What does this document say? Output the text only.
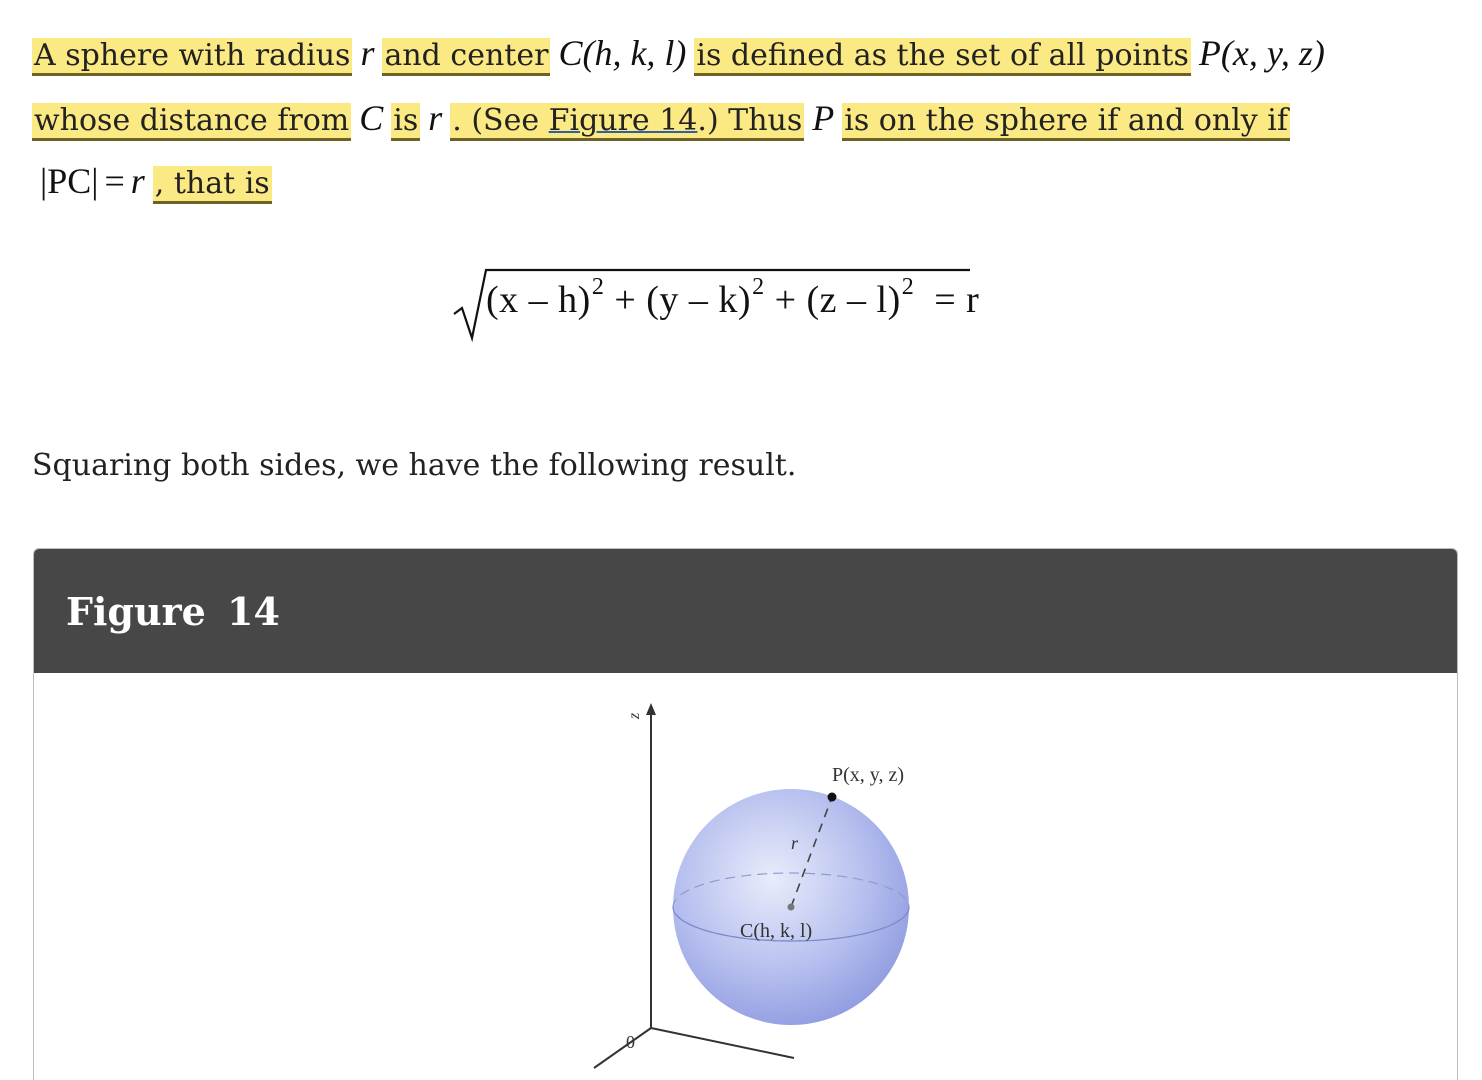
A sphere with radius r and center C(h, k, l) is defined as the set of all points P(x, y, z)
whose distance from C is r . (See Figure 14.) Thus P is on the sphere if and only if
|PC| = r , that is
(x – h)$^2$ + (y – k)$^2$ + (z – l)$^2$ = r
Squaring both sides, we have the following result.
Figure 14
z
0
P(x, y, z)
r
C(h, k, l)
